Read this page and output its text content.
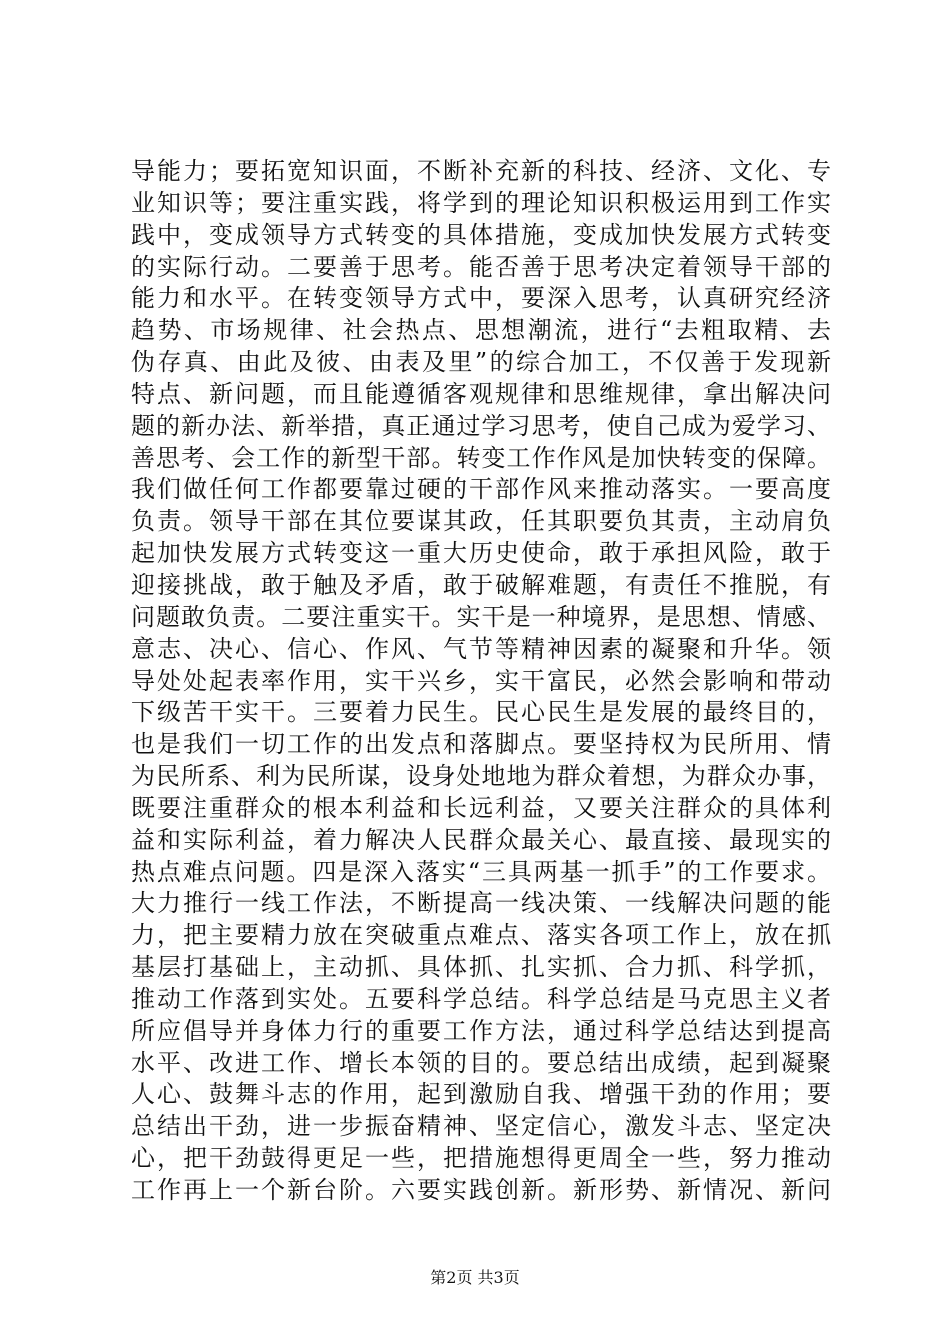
导能力；要拓宽知识面，不断补充新的科技、经济、文化、专
业知识等；要注重实践，将学到的理论知识积极运用到工作实
践中，变成领导方式转变的具体措施，变成加快发展方式转变
的实际行动。二要善于思考。能否善于思考决定着领导干部的
能力和水平。在转变领导方式中，要深入思考，认真研究经济
趋势、市场规律、社会热点、思想潮流，进行“去粗取精、去
伪存真、由此及彼、由表及里”的综合加工，不仅善于发现新
特点、新问题，而且能遵循客观规律和思维规律，拿出解决问
题的新办法、新举措，真正通过学习思考，使自己成为爱学习、
善思考、会工作的新型干部。转变工作作风是加快转变的保障。
我们做任何工作都要靠过硬的干部作风来推动落实。一要高度
负责。领导干部在其位要谋其政，任其职要负其责，主动肩负
起加快发展方式转变这一重大历史使命，敢于承担风险，敢于
迎接挑战，敢于触及矛盾，敢于破解难题，有责任不推脱，有
问题敢负责。二要注重实干。实干是一种境界，是思想、情感、
意志、决心、信心、作风、气节等精神因素的凝聚和升华。领
导处处起表率作用，实干兴乡，实干富民，必然会影响和带动
下级苦干实干。三要着力民生。民心民生是发展的最终目的，
也是我们一切工作的出发点和落脚点。要坚持权为民所用、情
为民所系、利为民所谋，设身处地地为群众着想，为群众办事，
既要注重群众的根本利益和长远利益，又要关注群众的具体利
益和实际利益，着力解决人民群众最关心、最直接、最现实的
热点难点问题。四是深入落实“三具两基一抓手”的工作要求。
大力推行一线工作法，不断提高一线决策、一线解决问题的能
力，把主要精力放在突破重点难点、落实各项工作上，放在抓
基层打基础上，主动抓、具体抓、扎实抓、合力抓、科学抓，
推动工作落到实处。五要科学总结。科学总结是马克思主义者
所应倡导并身体力行的重要工作方法，通过科学总结达到提高
水平、改进工作、增长本领的目的。要总结出成绩，起到凝聚
人心、鼓舞斗志的作用，起到激励自我、增强干劲的作用；要
总结出干劲，进一步振奋精神、坚定信心，激发斗志、坚定决
心，把干劲鼓得更足一些，把措施想得更周全一些，努力推动
工作再上一个新台阶。六要实践创新。新形势、新情况、新问
第2页 共3页
